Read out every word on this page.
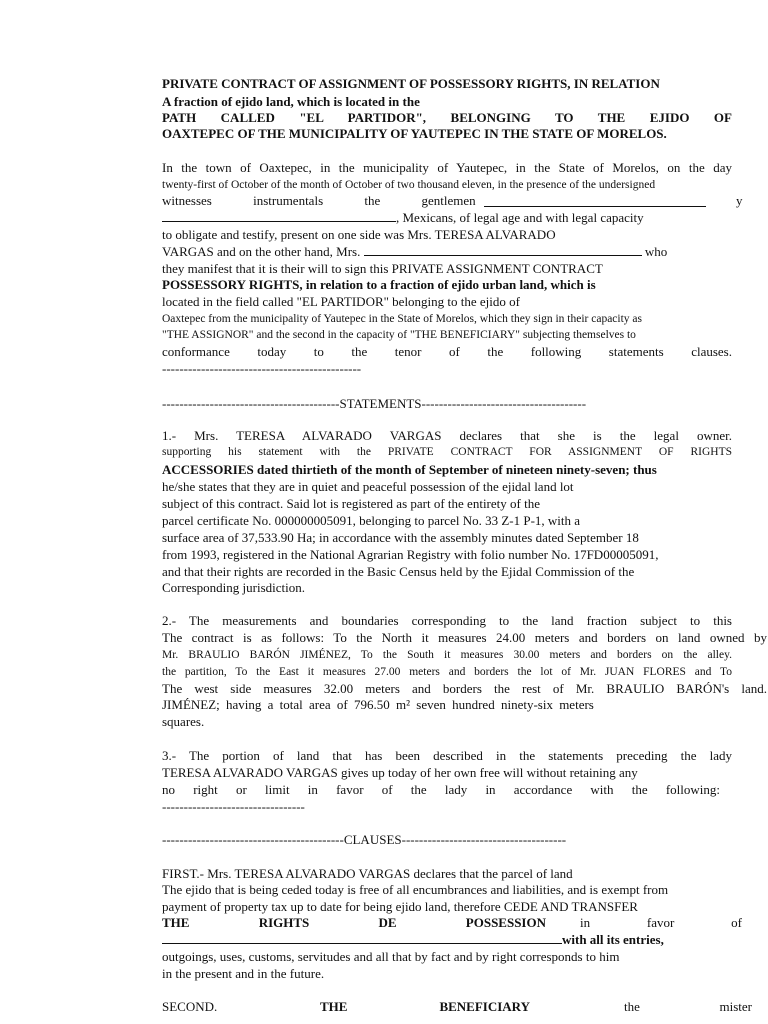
PRIVATE CONTRACT OF ASSIGNMENT OF POSSESSORY RIGHTS, IN RELATION
A fraction of ejido land, which is located in the
PATH CALLED "EL PARTIDOR", BELONGING TO THE EJIDO OF
OAXTEPEC OF THE MUNICIPALITY OF YAUTEPEC IN THE STATE OF MORELOS.
In the town of Oaxtepec, in the municipality of Yautepec, in the State of Morelos, on the day
twenty-first of October of the month of October of two thousand eleven, in the presence of the undersigned
witnesses instrumentals the gentlemen	y
, Mexicans, of legal age and with legal capacity
to obligate and testify, present on one side was Mrs. TERESA ALVARADO
VARGAS and on the other hand, Mrs.	who
they manifest that it is their will to sign this PRIVATE ASSIGNMENT CONTRACT
POSSESSORY RIGHTS, in relation to a fraction of ejido urban land, which is
located in the field called "EL PARTIDOR" belonging to the ejido of
Oaxtepec from the municipality of Yautepec in the State of Morelos, which they sign in their capacity as
"THE ASSIGNOR" and the second in the capacity of "THE BENEFICIARY" subjecting themselves to
conformance today to the tenor of the following statements clauses.
----------------------------------------------
-----------------------------------------STATEMENTS--------------------------------------
1.- Mrs. TERESA ALVARADO VARGAS declares that she is the legal owner.
supporting his statement with the PRIVATE CONTRACT FOR ASSIGNMENT OF RIGHTS
ACCESSORIES dated thirtieth of the month of September of nineteen ninety-seven; thus
he/she states that they are in quiet and peaceful possession of the ejidal land lot
subject of this contract. Said lot is registered as part of the entirety of the
parcel certificate No. 000000005091, belonging to parcel No. 33 Z-1 P-1, with a
surface area of 37,533.90 Ha; in accordance with the assembly minutes dated September 18
from 1993, registered in the National Agrarian Registry with folio number No. 17FD00005091,
and that their rights are recorded in the Basic Census held by the Ejidal Commission of the
Corresponding jurisdiction.
2.- The measurements and boundaries corresponding to the land fraction subject to this
The contract is as follows: To the North it measures 24.00 meters and borders on land owned by
Mr. BRAULIO BARÓN JIMÉNEZ, To the South it measures 30.00 meters and borders on the alley.
the partition, To the East it measures 27.00 meters and borders the lot of Mr. JUAN FLORES and To
The west side measures 32.00 meters and borders the rest of Mr. BRAULIO BARÓN's land.
JIMÉNEZ; having a total area of 796.50 m² seven hundred ninety-six meters
squares.
3.- The portion of land that has been described in the statements preceding the lady
TERESA ALVARADO VARGAS gives up today of her own free will without retaining any
no right or limit in favor of the lady in accordance with the following:
---------------------------------
------------------------------------------CLAUSES--------------------------------------
FIRST.- Mrs. TERESA ALVARADO VARGAS declares that the parcel of land
The ejido that is being ceded today is free of all encumbrances and liabilities, and is exempt from
payment of property tax up to date for being ejido land, therefore CEDE AND TRANSFER
THE RIGHTS DE POSSESSION	in favor of
with all its entries,
outgoings, uses, customs, servitudes and all that by fact and by right corresponds to him
in the present and in the future.
SECOND.	THE BENEFICIARY	the mister
